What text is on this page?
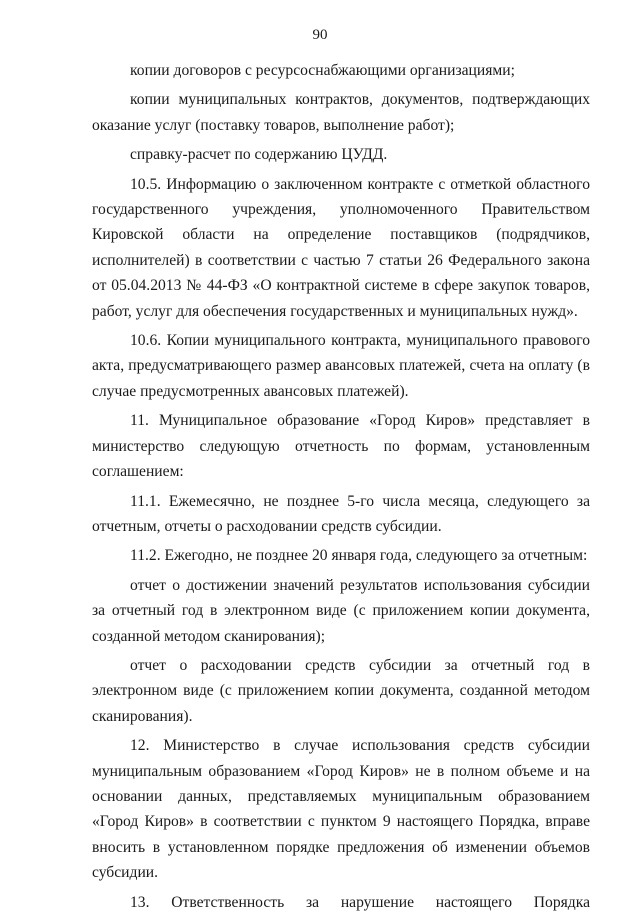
90

копии договоров с ресурсоснабжающими организациями;

копии муниципальных контрактов, документов, подтверждающих оказание услуг (поставку товаров, выполнение работ);

справку-расчет по содержанию ЦУДД.

10.5. Информацию о заключенном контракте с отметкой областного государственного учреждения, уполномоченного Правительством Кировской области на определение поставщиков (подрядчиков, исполнителей) в соответствии с частью 7 статьи 26 Федерального закона от 05.04.2013 № 44-ФЗ «О контрактной системе в сфере закупок товаров, работ, услуг для обеспечения государственных и муниципальных нужд».

10.6. Копии муниципального контракта, муниципального правового акта, предусматривающего размер авансовых платежей, счета на оплату (в случае предусмотренных авансовых платежей).

11. Муниципальное образование «Город Киров» представляет в министерство следующую отчетность по формам, установленным соглашением:

11.1. Ежемесячно, не позднее 5-го числа месяца, следующего за отчетным, отчеты о расходовании средств субсидии.

11.2. Ежегодно, не позднее 20 января года, следующего за отчетным:

отчет о достижении значений результатов использования субсидии за отчетный год в электронном виде (с приложением копии документа, созданной методом сканирования);

отчет о расходовании средств субсидии за отчетный год в электронном виде (с приложением копии документа, созданной методом сканирования).

12. Министерство в случае использования средств субсидии муниципальным образованием «Город Киров» не в полном объеме и на основании данных, представляемых муниципальным образованием «Город Киров» в соответствии с пунктом 9 настоящего Порядка, вправе вносить в установленном порядке предложения об изменении объемов субсидии.

13. Ответственность за нарушение настоящего Порядка
